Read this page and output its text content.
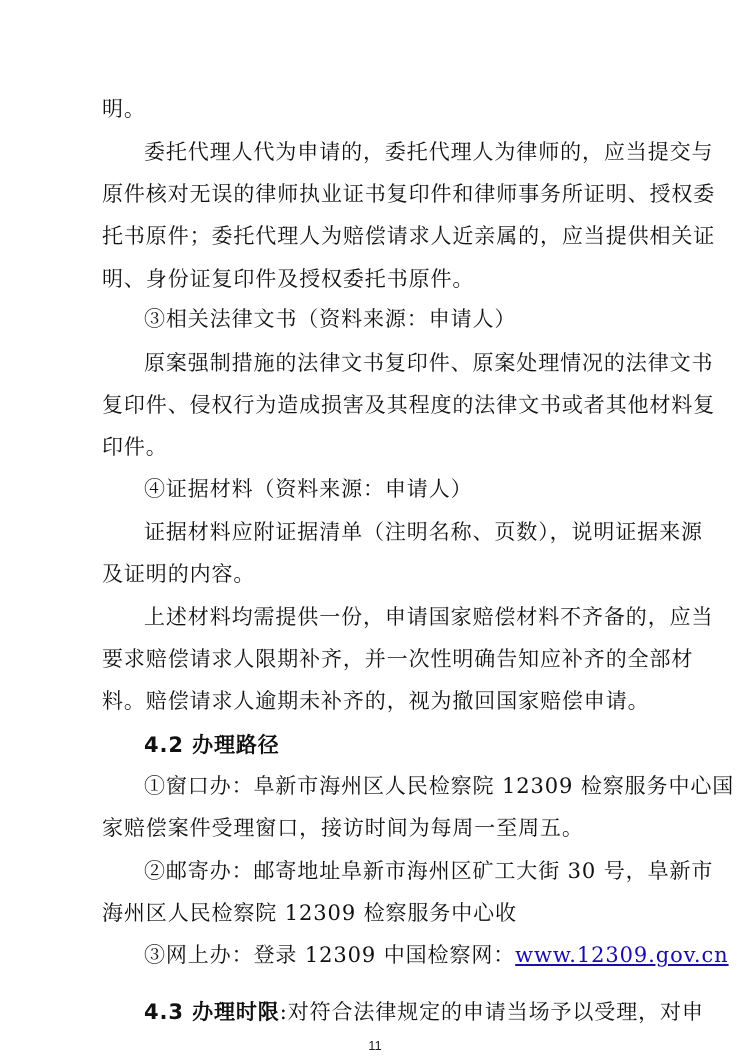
明。
委托代理人代为申请的，委托代理人为律师的，应当提交与
原件核对无误的律师执业证书复印件和律师事务所证明、授权委
托书原件；委托代理人为赔偿请求人近亲属的，应当提供相关证
明、身份证复印件及授权委托书原件。
③相关法律文书（资料来源：申请人）
原案强制措施的法律文书复印件、原案处理情况的法律文书
复印件、侵权行为造成损害及其程度的法律文书或者其他材料复
印件。
④证据材料（资料来源：申请人）
证据材料应附证据清单（注明名称、页数），说明证据来源
及证明的内容。
上述材料均需提供一份，申请国家赔偿材料不齐备的，应当
要求赔偿请求人限期补齐，并一次性明确告知应补齐的全部材
料。赔偿请求人逾期未补齐的，视为撤回国家赔偿申请。
4.2 办理路径
①窗口办：阜新市海州区人民检察院 12309 检察服务中心国
家赔偿案件受理窗口，接访时间为每周一至周五。
②邮寄办：邮寄地址阜新市海州区矿工大街 30 号，阜新市
海州区人民检察院 12309 检察服务中心收
③网上办：登录 12309 中国检察网：www.12309.gov.cn
4.3 办理时限:对符合法律规定的申请当场予以受理，对申
11
